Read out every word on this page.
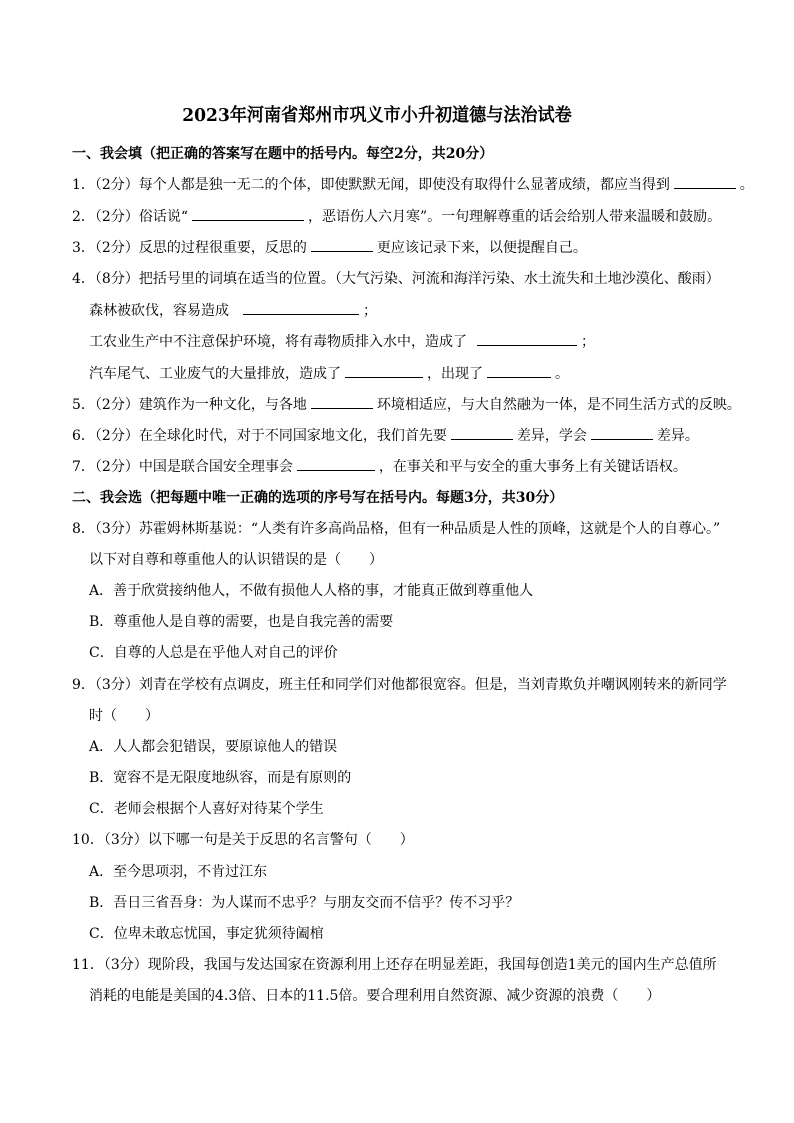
2023年河南省郑州市巩义市小升初道德与法治试卷
一、我会填（把正确的答案写在题中的括号内。每空2分，共20分）
1．（2分）每个人都是独一无二的个体，即使默默无闻，即使没有取得什么显著成绩，都应当得到	。
2．（2分）俗话说“	，恶语伤人六月寒”。一句理解尊重的话会给别人带来温暖和鼓励。
3．（2分）反思的过程很重要，反思的	更应该记录下来，以便提醒自己。
4．（8分）把括号里的词填在适当的位置。（大气污染、河流和海洋污染、水土流失和土地沙漠化、酸雨）
森林被砍伐，容易造成	；
工农业生产中不注意保护环境，将有毒物质排入水中，造成了	；
汽车尾气、工业废气的大量排放，造成了	，出现了	。
5．（2分）建筑作为一种文化，与各地	环境相适应，与大自然融为一体，是不同生活方式的反映。
6．（2分）在全球化时代，对于不同国家地文化，我们首先要	差异，学会	差异。
7．（2分）中国是联合国安全理事会	，在事关和平与安全的重大事务上有关键话语权。
二、我会选（把每题中唯一正确的选项的序号写在括号内。每题3分，共30分）
8．（3分）苏霍姆林斯基说：“人类有许多高尚品格，但有一种品质是人性的顶峰，这就是个人的自尊心。”
以下对自尊和尊重他人的认识错误的是（　　）
A．善于欣赏接纳他人，不做有损他人人格的事，才能真正做到尊重他人
B．尊重他人是自尊的需要，也是自我完善的需要
C．自尊的人总是在乎他人对自己的评价
9．（3分）刘青在学校有点调皮，班主任和同学们对他都很宽容。但是，当刘青欺负并嘲讽刚转来的新同学
时（　　）
A．人人都会犯错误，要原谅他人的错误
B．宽容不是无限度地纵容，而是有原则的
C．老师会根据个人喜好对待某个学生
10．（3分）以下哪一句是关于反思的名言警句（　　）
A．至今思项羽，不肯过江东
B．吾日三省吾身：为人谋而不忠乎？与朋友交而不信乎？传不习乎？
C．位卑未敢忘忧国，事定犹须待阖棺
11．（3分）现阶段，我国与发达国家在资源利用上还存在明显差距，我国每创造1美元的国内生产总值所
消耗的电能是美国的4.3倍、日本的11.5倍。要合理利用自然资源、减少资源的浪费（　　）
